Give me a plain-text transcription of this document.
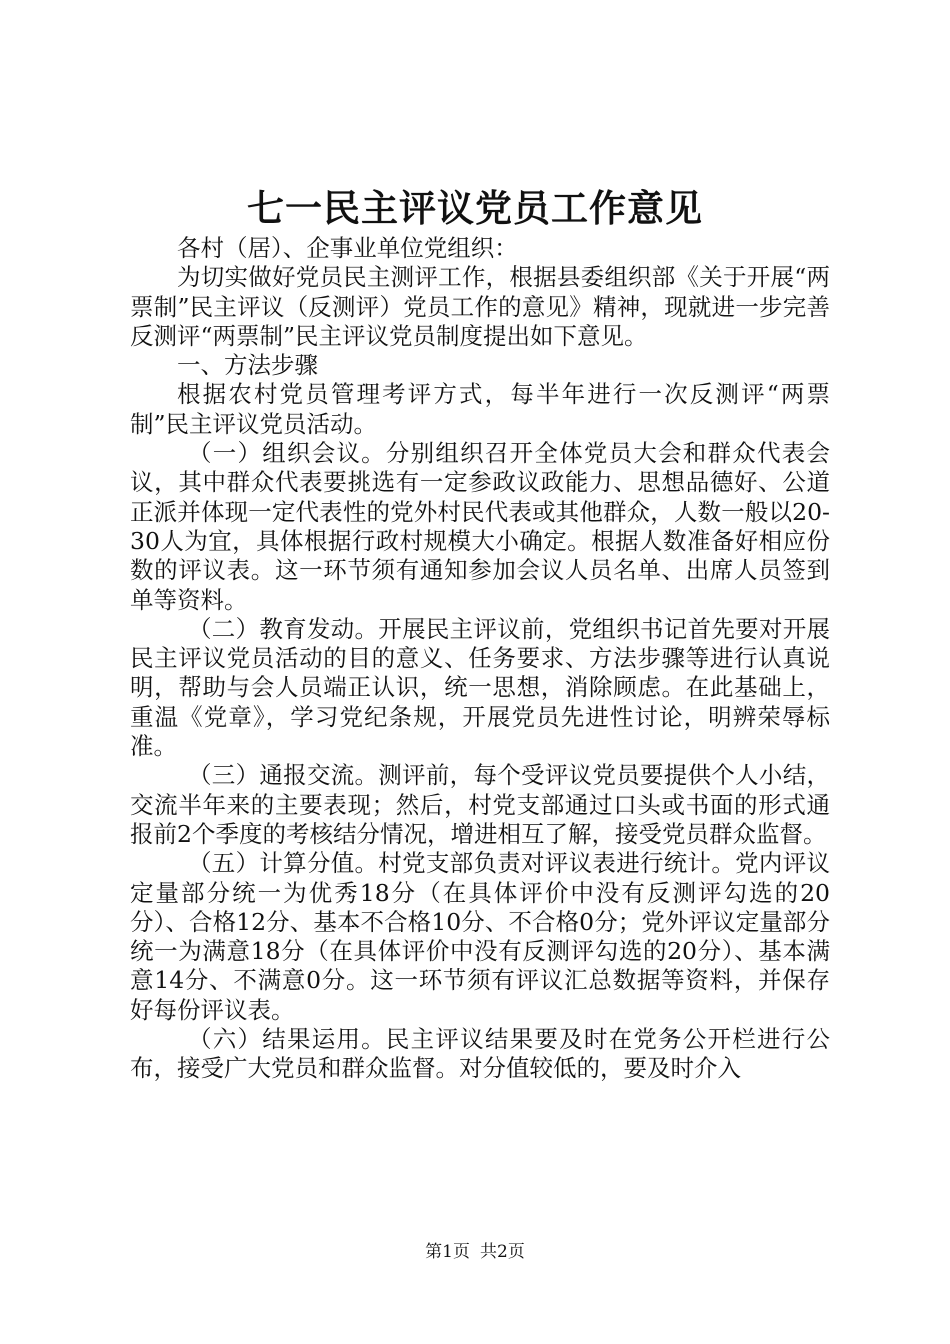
七一民主评议党员工作意见

各村（居）、企事业单位党组织：

为切实做好党员民主测评工作，根据县委组织部《关于开展“两票制”民主评议（反测评）党员工作的意见》精神，现就进一步完善反测评“两票制”民主评议党员制度提出如下意见。

一、方法步骤

根据农村党员管理考评方式，每半年进行一次反测评“两票制”民主评议党员活动。

（一）组织会议。分别组织召开全体党员大会和群众代表会议，其中群众代表要挑选有一定参政议政能力、思想品德好、公道正派并体现一定代表性的党外村民代表或其他群众，人数一般以20-30人为宜，具体根据行政村规模大小确定。根据人数准备好相应份数的评议表。这一环节须有通知参加会议人员名单、出席人员签到单等资料。

（二）教育发动。开展民主评议前，党组织书记首先要对开展民主评议党员活动的目的意义、任务要求、方法步骤等进行认真说明，帮助与会人员端正认识，统一思想，消除顾虑。在此基础上，重温《党章》，学习党纪条规，开展党员先进性讨论，明辨荣辱标准。

（三）通报交流。测评前，每个受评议党员要提供个人小结，交流半年来的主要表现；然后，村党支部通过口头或书面的形式通报前2个季度的考核结分情况，增进相互了解，接受党员群众监督。

（五）计算分值。村党支部负责对评议表进行统计。党内评议定量部分统一为优秀18分（在具体评价中没有反测评勾选的20分）、合格12分、基本不合格10分、不合格0分；党外评议定量部分统一为满意18分（在具体评价中没有反测评勾选的20分）、基本满意14分、不满意0分。这一环节须有评议汇总数据等资料，并保存好每份评议表。

（六）结果运用。民主评议结果要及时在党务公开栏进行公布，接受广大党员和群众监督。对分值较低的，要及时介入

第1页 共2页
